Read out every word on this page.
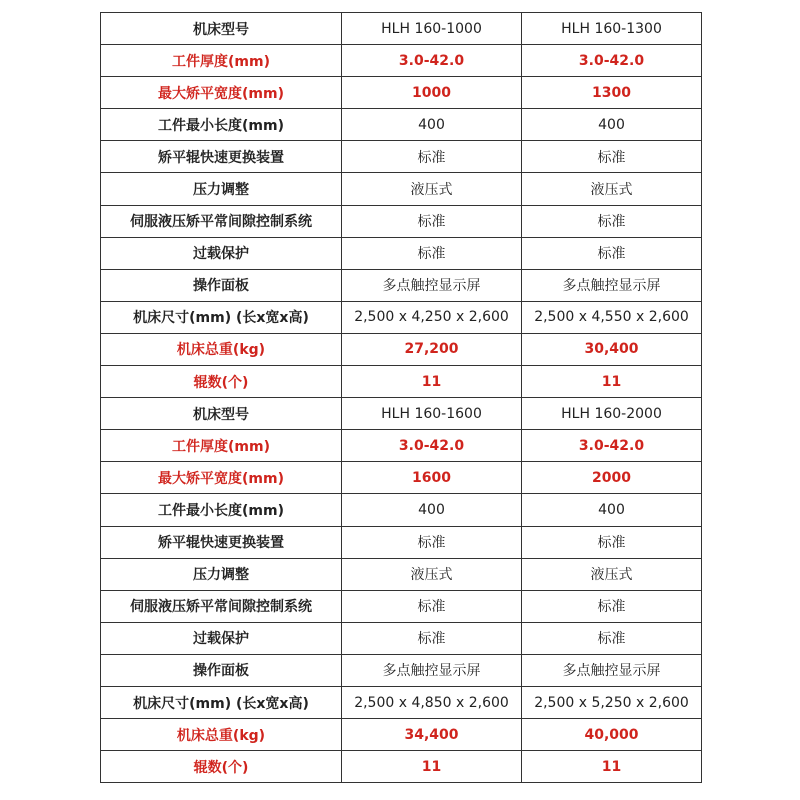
机床型号	HLH 160-1000	HLH 160-1300
工件厚度(mm)	3.0-42.0	3.0-42.0
最大矫平宽度(mm)	1000	1300
工件最小长度(mm)	400	400
矫平辊快速更换装置	标准	标准
压力调整	液压式	液压式
伺服液压矫平常间隙控制系统	标准	标准
过载保护	标准	标准
操作面板	多点触控显示屏	多点触控显示屏
机床尺寸(mm) (长x宽x高)	2,500 x 4,250 x 2,600	2,500 x 4,550 x 2,600
机床总重(kg)	27,200	30,400
辊数(个)	11	11
机床型号	HLH 160-1600	HLH 160-2000
工件厚度(mm)	3.0-42.0	3.0-42.0
最大矫平宽度(mm)	1600	2000
工件最小长度(mm)	400	400
矫平辊快速更换装置	标准	标准
压力调整	液压式	液压式
伺服液压矫平常间隙控制系统	标准	标准
过载保护	标准	标准
操作面板	多点触控显示屏	多点触控显示屏
机床尺寸(mm) (长x宽x高)	2,500 x 4,850 x 2,600	2,500 x 5,250 x 2,600
机床总重(kg)	34,400	40,000
辊数(个)	11	11
